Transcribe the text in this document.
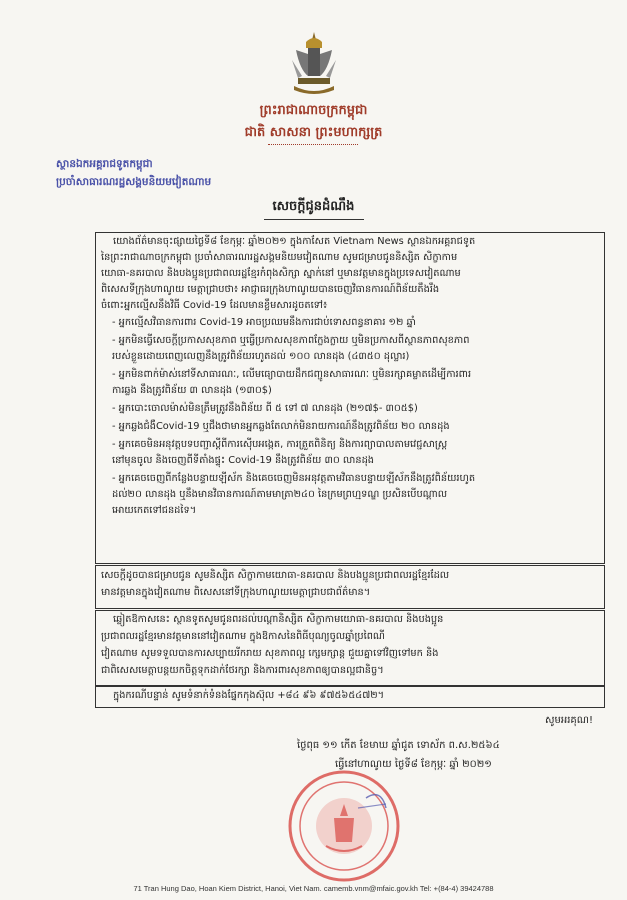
ព្រះរាជាណាចក្រកម្ពុជា
ជាតិ សាសនា ព្រះមហាក្សត្រ
ស្ថានឯកអគ្គរាជទូតកម្ពុជា
ប្រចាំសាធារណរដ្ឋសង្គមនិយមវៀតណាម
សេចក្តីជូនដំណឹង
យោងព័ត៌មានចុះផ្សាយថ្ងៃទី៨ ខែកុម្ភៈ ឆ្នាំ២០២១ ក្នុងកាសែត Vietnam News ស្ថានឯកអគ្គរាជទូត
នៃព្រះរាជាណាចក្រកម្ពុជា ប្រចាំសាធារណរដ្ឋសង្គមនិយមវៀតណាម សូមជម្រាបជូននិស្សិត សិក្ខាកាម
យោធា-នគរបាល និងបងប្អូនប្រជាពលរដ្ឋខ្មែរកំពុងសិក្សា ស្នាក់នៅ ឬមានវត្តមានក្នុងប្រទេសវៀតណាម
ពិសេសទីក្រុងហាណូយ មេត្តាជ្រាបថា៖ អាជ្ញាធរក្រុងហាណូយបានចេញវិធានការណ៍ពិន័យតឹងរឹង
ចំពោះអ្នកល្មើសនឹងវិធី Covid-19 ដែលមានខ្លឹមសារដូចតទៅ៖
- អ្នកល្មើសវិធានការពារ Covid-19 អាចប្រឈមនឹងការជាប់ទោសពន្ធនាគារ ១២ ឆ្នាំ
- អ្នកមិនធ្វើសេចក្តីប្រកាសសុខភាព ឬធ្វើប្រកាសសុខភាពក្លែងក្លាយ ឬមិនប្រកាសពីស្ថានភាពសុខភាព
របស់ខ្លួនដោយពេញលេញនឹងត្រូវពិន័យរហូតដល់ ១០០ លានដុង (៤៣៥០ ដុល្លារ)
- អ្នកមិនពាក់ម៉ាស់នៅទីសាធារណៈ, លើមធ្យោបាយដឹកជញ្ជូនសាធារណៈ ឬមិនរក្សាគម្លាតដើម្បីការពារ
ការឆ្លង នឹងត្រូវពិន័យ ៣ លានដុង (១៣០$)
- អ្នកបោះចោលម៉ាស់មិនត្រឹមត្រូវនឹងពិន័យ ពី ៥ ទៅ ៧ លានដុង (២១៧$- ៣០៥$)
- អ្នកឆ្លងជំងឺCovid-19 ឬជឹងថាមានអ្នកឆ្លងតែលាក់មិនរាយការណ៍នឹងត្រូវពិន័យ ២០ លានដុង
- អ្នកគេចមិនអនុវត្តបទបញ្ជាស្តីពីការស៊ើបអង្កេត, ការត្រួតពិនិត្យ និងការព្យាបាលតាមវេជ្ជសាស្ត្រ
នៅមុនចូល និងចេញពីទីតាំងផ្ទុះ Covid-19 នឹងត្រូវពិន័យ ៣០ លានដុង
- អ្នកគេចចេញពីកន្លែងបន្ទាយឡីស័ក និងគេចចេញមិនអនុវត្តតាមវិធានបន្ទាយឡីស័កនឹងត្រូវពិន័យរហូត
ដល់២០ លានដុង ឬនឹងមានវិធានការណ៍តាមមាត្រា២៤០ នៃក្រមព្រហ្មទណ្ឌ ប្រសិនបើបណ្តាល
អោយកេតទៅជនដទៃ។
សេចក្តីដូចបានជម្រាបជូន សូមនិស្សិត សិក្ខាកាមយោធា-នគរបាល និងបងប្អូនប្រជាពលរដ្ឋខ្មែរដែល
មានវត្តមានក្នុងវៀតណាម ពិសេសនៅទីក្រុងហាណូយមេត្តាជ្រាបជាព័ត៌មាន។
ឆ្លៀតឱកាសនេះ ស្ថានទូតសូមជូនពរដល់បណ្តានិស្សិត សិក្ខាកាមយោធា-នគរបាល និងបងប្អូន
ប្រជាពលរដ្ឋខ្មែរមានវត្តមាននៅវៀតណាម ក្នុងឱកាសនៃពិធីបុណ្យចូលឆ្នាំប្រពៃណី
វៀតណាម សូមទទួលបានការសប្បាយរីករាយ សុខភាពល្អ ក្សេមក្សាន្ត ជួយគ្នាទៅវិញទៅមក និង
ជាពិសេសមេត្តាបន្តយកចិត្តទុកដាក់ថែរក្សា និងការពារសុខភាពឲ្យបានល្អជានិច្ច។
ក្នុងករណីបន្ទាន់ សូមទំនាក់ទំនងផ្នែកកុងស៊ុល +៨៤ ៩៦ ៩៧៥៦៥៤៧២។
សូមអរគុណ!
ថ្ងៃពុធ ១១ កើត ខែមាឃ ឆ្នាំជូត ទោស័ក ព.ស.២៥៦៤
ធ្វើនៅហាណូយ ថ្ងៃទី៨ ខែកុម្ភៈ ឆ្នាំ ២០២១
71 Tran Hung Dao, Hoan Kiem District, Hanoi, Viet Nam. camemb.vnm@mfaic.gov.kh Tel: +(84-4) 39424788
